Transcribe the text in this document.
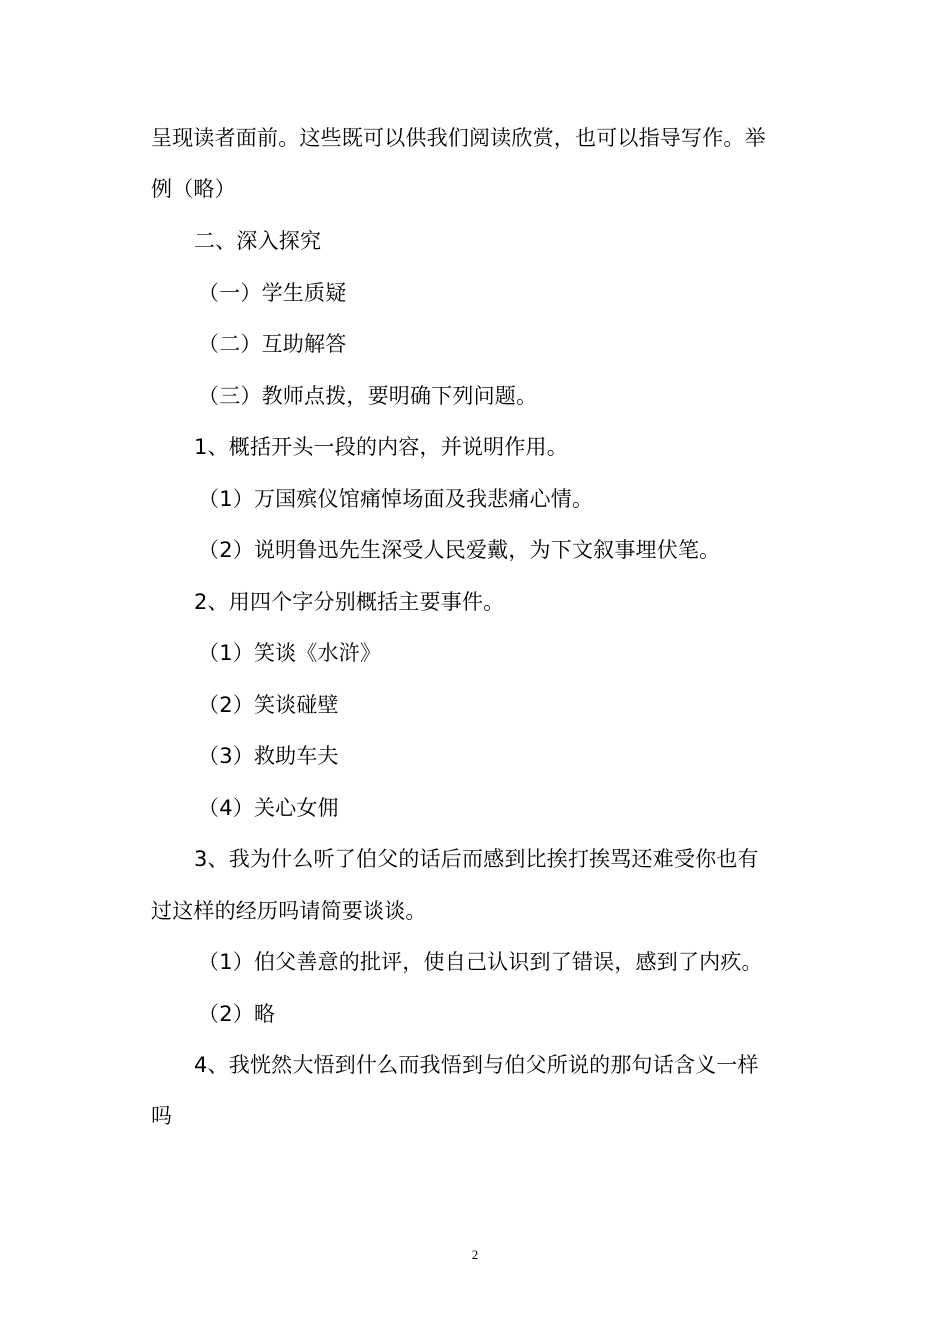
呈现读者面前。这些既可以供我们阅读欣赏，也可以指导写作。举
例（略）
二、深入探究
（一）学生质疑
（二）互助解答
（三）教师点拨，要明确下列问题。
1、概括开头一段的内容，并说明作用。
（1）万国殡仪馆痛悼场面及我悲痛心情。
（2）说明鲁迅先生深受人民爱戴，为下文叙事埋伏笔。
2、用四个字分别概括主要事件。
（1）笑谈《水浒》
（2）笑谈碰壁
（3）救助车夫
（4）关心女佣
3、我为什么听了伯父的话后而感到比挨打挨骂还难受你也有
过这样的经历吗请简要谈谈。
（1）伯父善意的批评，使自己认识到了错误，感到了内疚。
（2）略
4、我恍然大悟到什么而我悟到与伯父所说的那句话含义一样
吗
2
